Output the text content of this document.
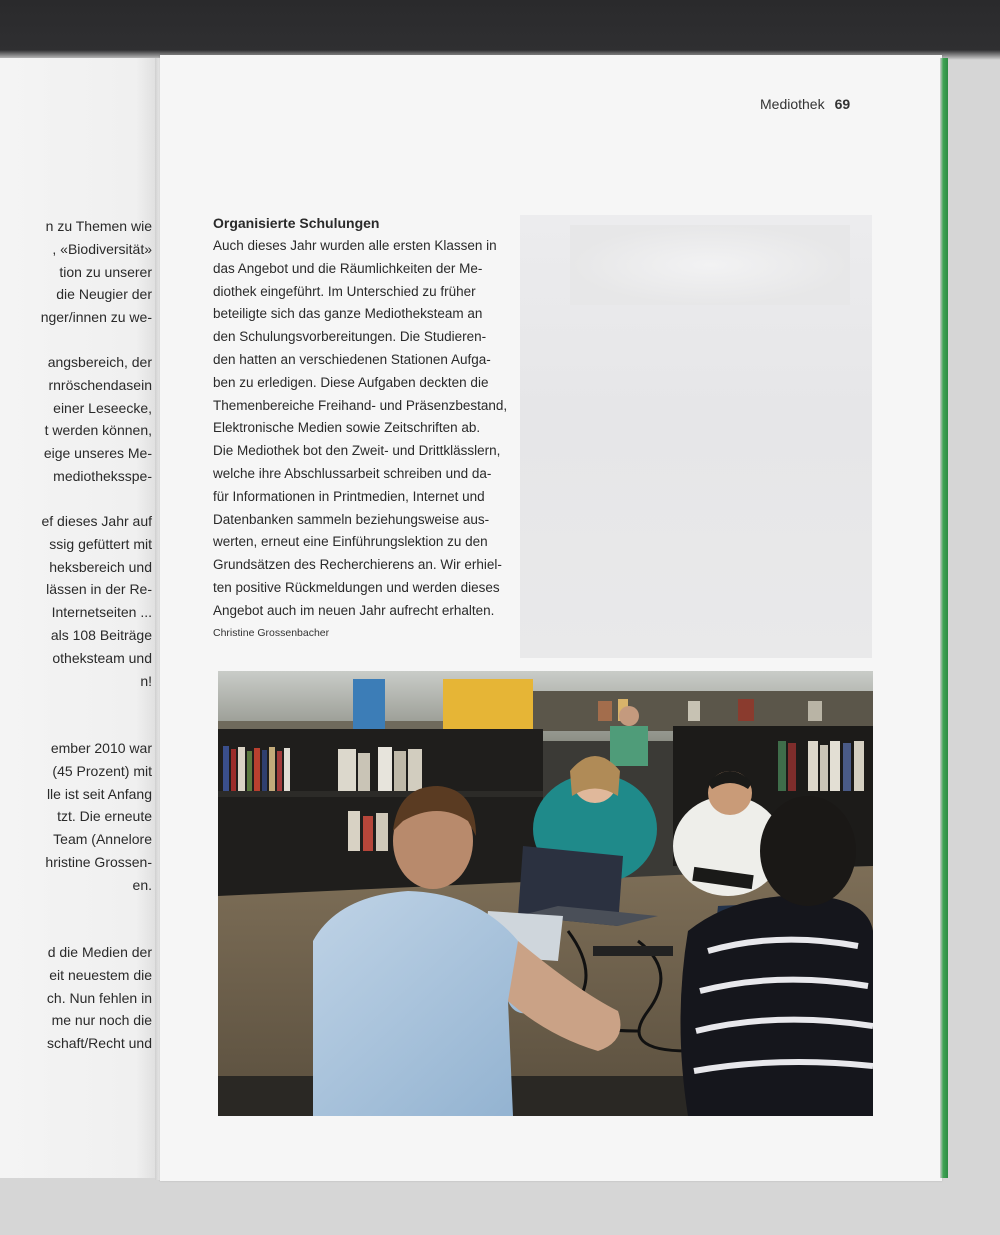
n zu Themen wie
, «Biodiversität»
tion zu unserer
die Neugier der
nger/innen zu we-
angsbereich, der
rnröschendasein
einer Leseecke,
t werden können,
eige unseres Me-
mediotheksspe-
ef dieses Jahr auf
ssig gefüttert mit
heksbereich und
lässen in der Re-
Internetseiten ...
als 108 Beiträge
otheksteam und
n!
ember 2010 war
(45 Prozent) mit
lle ist seit Anfang
tzt. Die erneute
Team (Annelore
hristine Grossen-
en.
d die Medien der
eit neuestem die
ch. Nun fehlen in
me nur noch die
schaft/Recht und
Mediothek 69
Organisierte Schulungen
Auch dieses Jahr wurden alle ersten Klassen in
das Angebot und die Räumlichkeiten der Me-
diothek eingeführt. Im Unterschied zu früher
beteiligte sich das ganze Mediotheksteam an
den Schulungsvorbereitungen. Die Studieren-
den hatten an verschiedenen Stationen Aufga-
ben zu erledigen. Diese Aufgaben deckten die
Themenbereiche Freihand- und Präsenzbestand,
Elektronische Medien sowie Zeitschriften ab.
Die Mediothek bot den Zweit- und Drittklässlern,
welche ihre Abschlussarbeit schreiben und da-
für Informationen in Printmedien, Internet und
Datenbanken sammeln beziehungsweise aus-
werten, erneut eine Einführungslektion zu den
Grundsätzen des Recherchierens an. Wir erhiel-
ten positive Rückmeldungen und werden dieses
Angebot auch im neuen Jahr aufrecht erhalten.
Christine Grossenbacher
